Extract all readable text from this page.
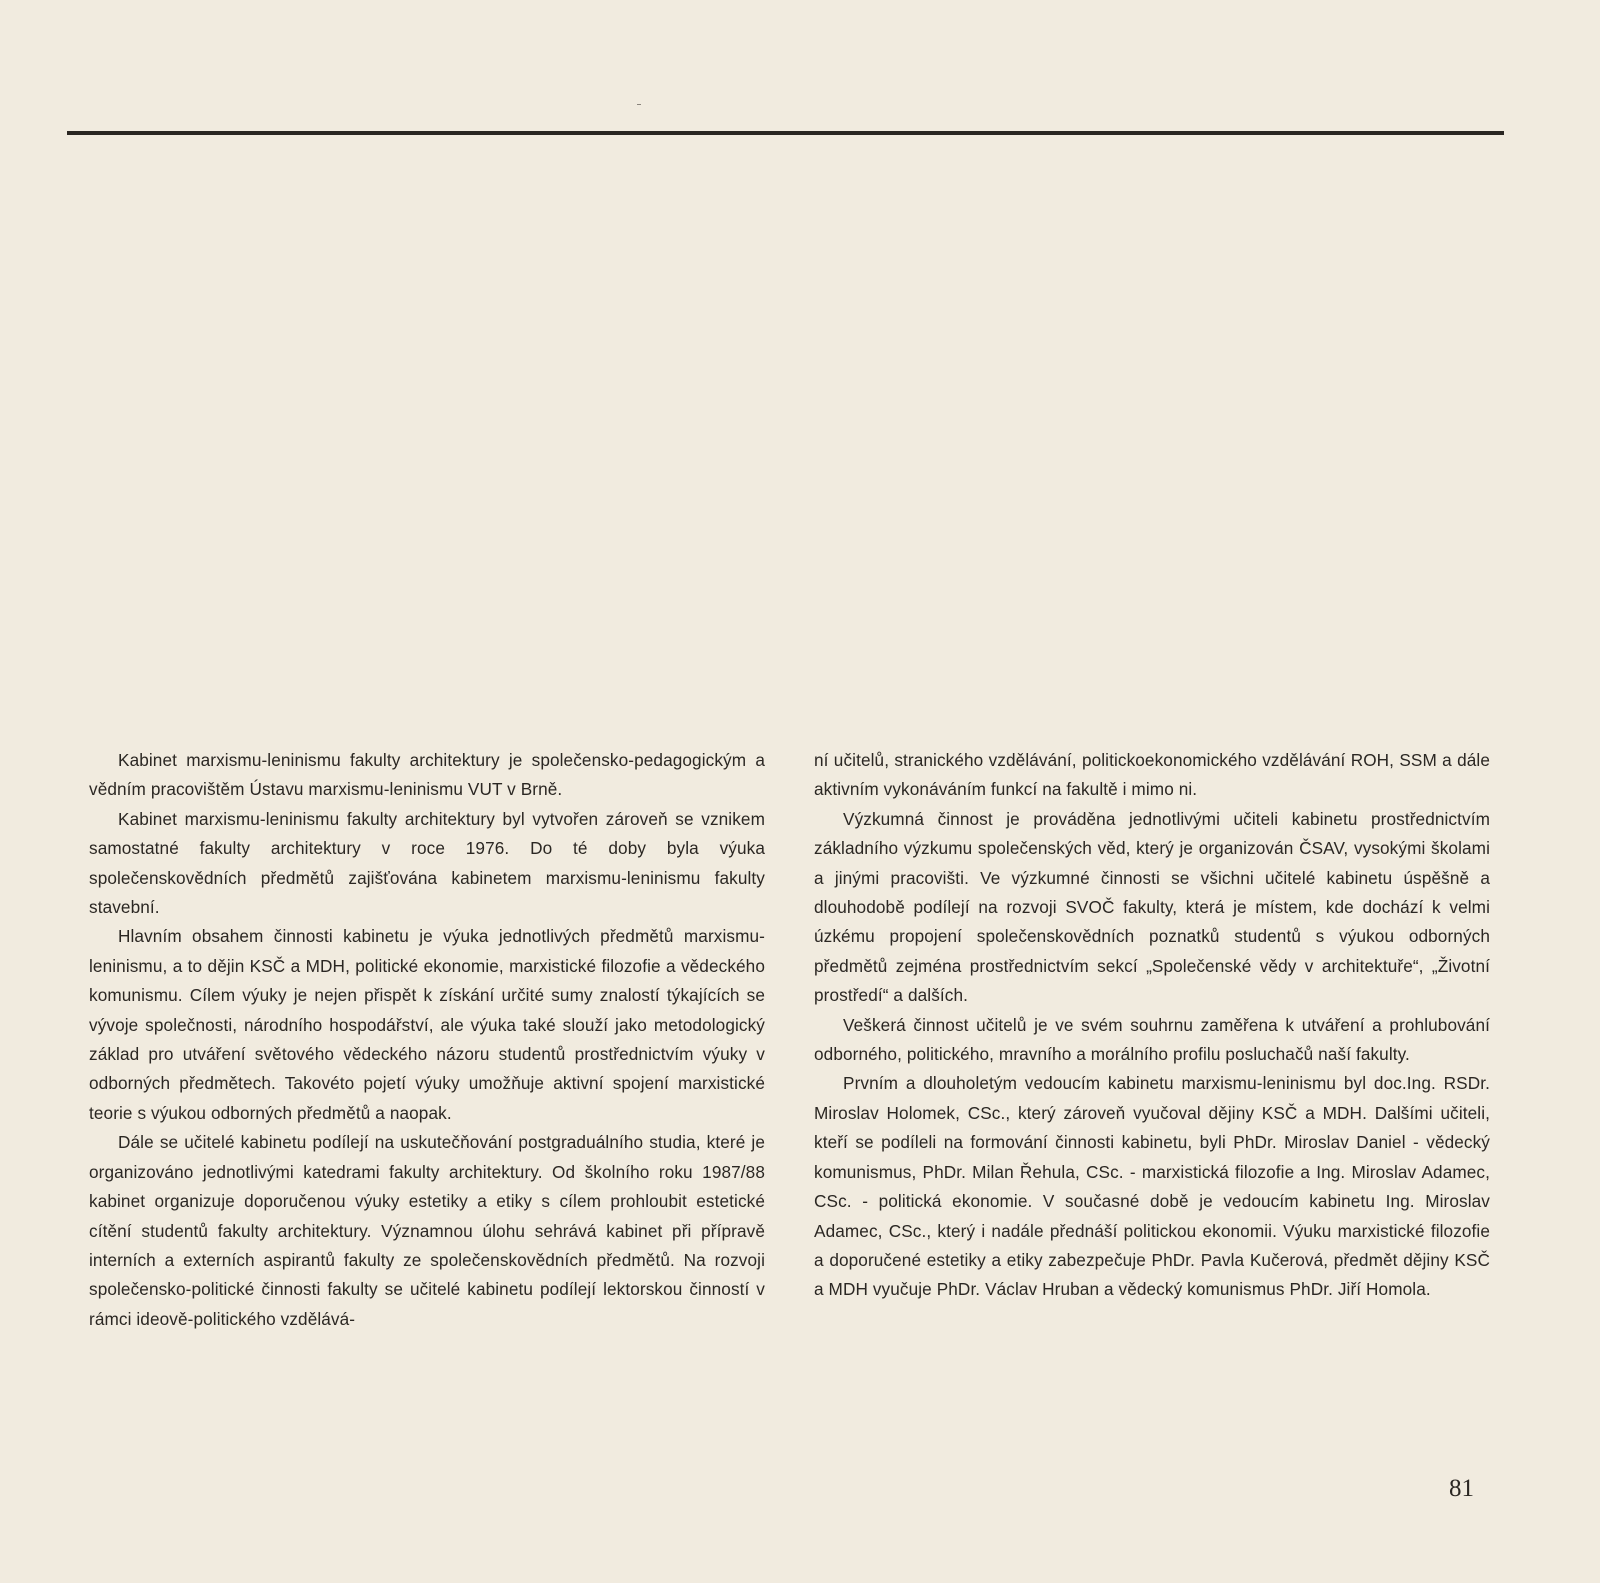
Kabinet marxismu-leninismu fakulty architektury je společensko-pedagogickým a vědním pracovištěm Ústavu marxismu-leninismu VUT v Brně.

Kabinet marxismu-leninismu fakulty architektury byl vytvořen zároveň se vznikem samostatné fakulty architektury v roce 1976. Do té doby byla výuka společenskovědních předmětů zajišťována kabinetem marxismu-leninismu fakulty stavební.

Hlavním obsahem činnosti kabinetu je výuka jednotlivých předmětů marxismu-leninismu, a to dějin KSČ a MDH, politické ekonomie, marxistické filozofie a vědeckého komunismu. Cílem výuky je nejen přispět k získání určité sumy znalostí týkajících se vývoje společnosti, národního hospodářství, ale výuka také slouží jako metodologický základ pro utváření světového vědeckého názoru studentů prostřednictvím výuky v odborných předmětech. Takovéto pojetí výuky umožňuje aktivní spojení marxistické teorie s výukou odborných předmětů a naopak.

Dále se učitelé kabinetu podílejí na uskutečňování postgraduálního studia, které je organizováno jednotlivými katedrami fakulty architektury. Od školního roku 1987/88 kabinet organizuje doporučenou výuky estetiky a etiky s cílem prohloubit estetické cítění studentů fakulty architektury. Významnou úlohu sehrává kabinet při přípravě interních a externích aspirantů fakulty ze společenskovědních předmětů. Na rozvoji společensko-politické činnosti fakulty se učitelé kabinetu podílejí lektorskou činností v rámci ideově-politického vzdělává-

ní učitelů, stranického vzdělávání, politickoekonomického vzdělávání ROH, SSM a dále aktivním vykonáváním funkcí na fakultě i mimo ni.

Výzkumná činnost je prováděna jednotlivými učiteli kabinetu prostřednictvím základního výzkumu společenských věd, který je organizován ČSAV, vysokými školami a jinými pracovišti. Ve výzkumné činnosti se všichni učitelé kabinetu úspěšně a dlouhodobě podílejí na rozvoji SVOČ fakulty, která je místem, kde dochází k velmi úzkému propojení společenskovědních poznatků studentů s výukou odborných předmětů zejména prostřednictvím sekcí „Společenské vědy v architektuře“, „Životní prostředí“ a dalších.

Veškerá činnost učitelů je ve svém souhrnu zaměřena k utváření a prohlubování odborného, politického, mravního a morálního profilu posluchačů naší fakulty.

Prvním a dlouholetým vedoucím kabinetu marxismu-leninismu byl doc.Ing. RSDr. Miroslav Holomek, CSc., který zároveň vyučoval dějiny KSČ a MDH. Dalšími učiteli, kteří se podíleli na formování činnosti kabinetu, byli PhDr. Miroslav Daniel - vědecký komunismus, PhDr. Milan Řehula, CSc. - marxistická filozofie a Ing. Miroslav Adamec, CSc. - politická ekonomie. V současné době je vedoucím kabinetu Ing. Miroslav Adamec, CSc., který i nadále přednáší politickou ekonomii. Výuku marxistické filozofie a doporučené estetiky a etiky zabezpečuje PhDr. Pavla Kučerová, předmět dějiny KSČ a MDH vyučuje PhDr. Václav Hruban a vědecký komunismus PhDr. Jiří Homola.

81
